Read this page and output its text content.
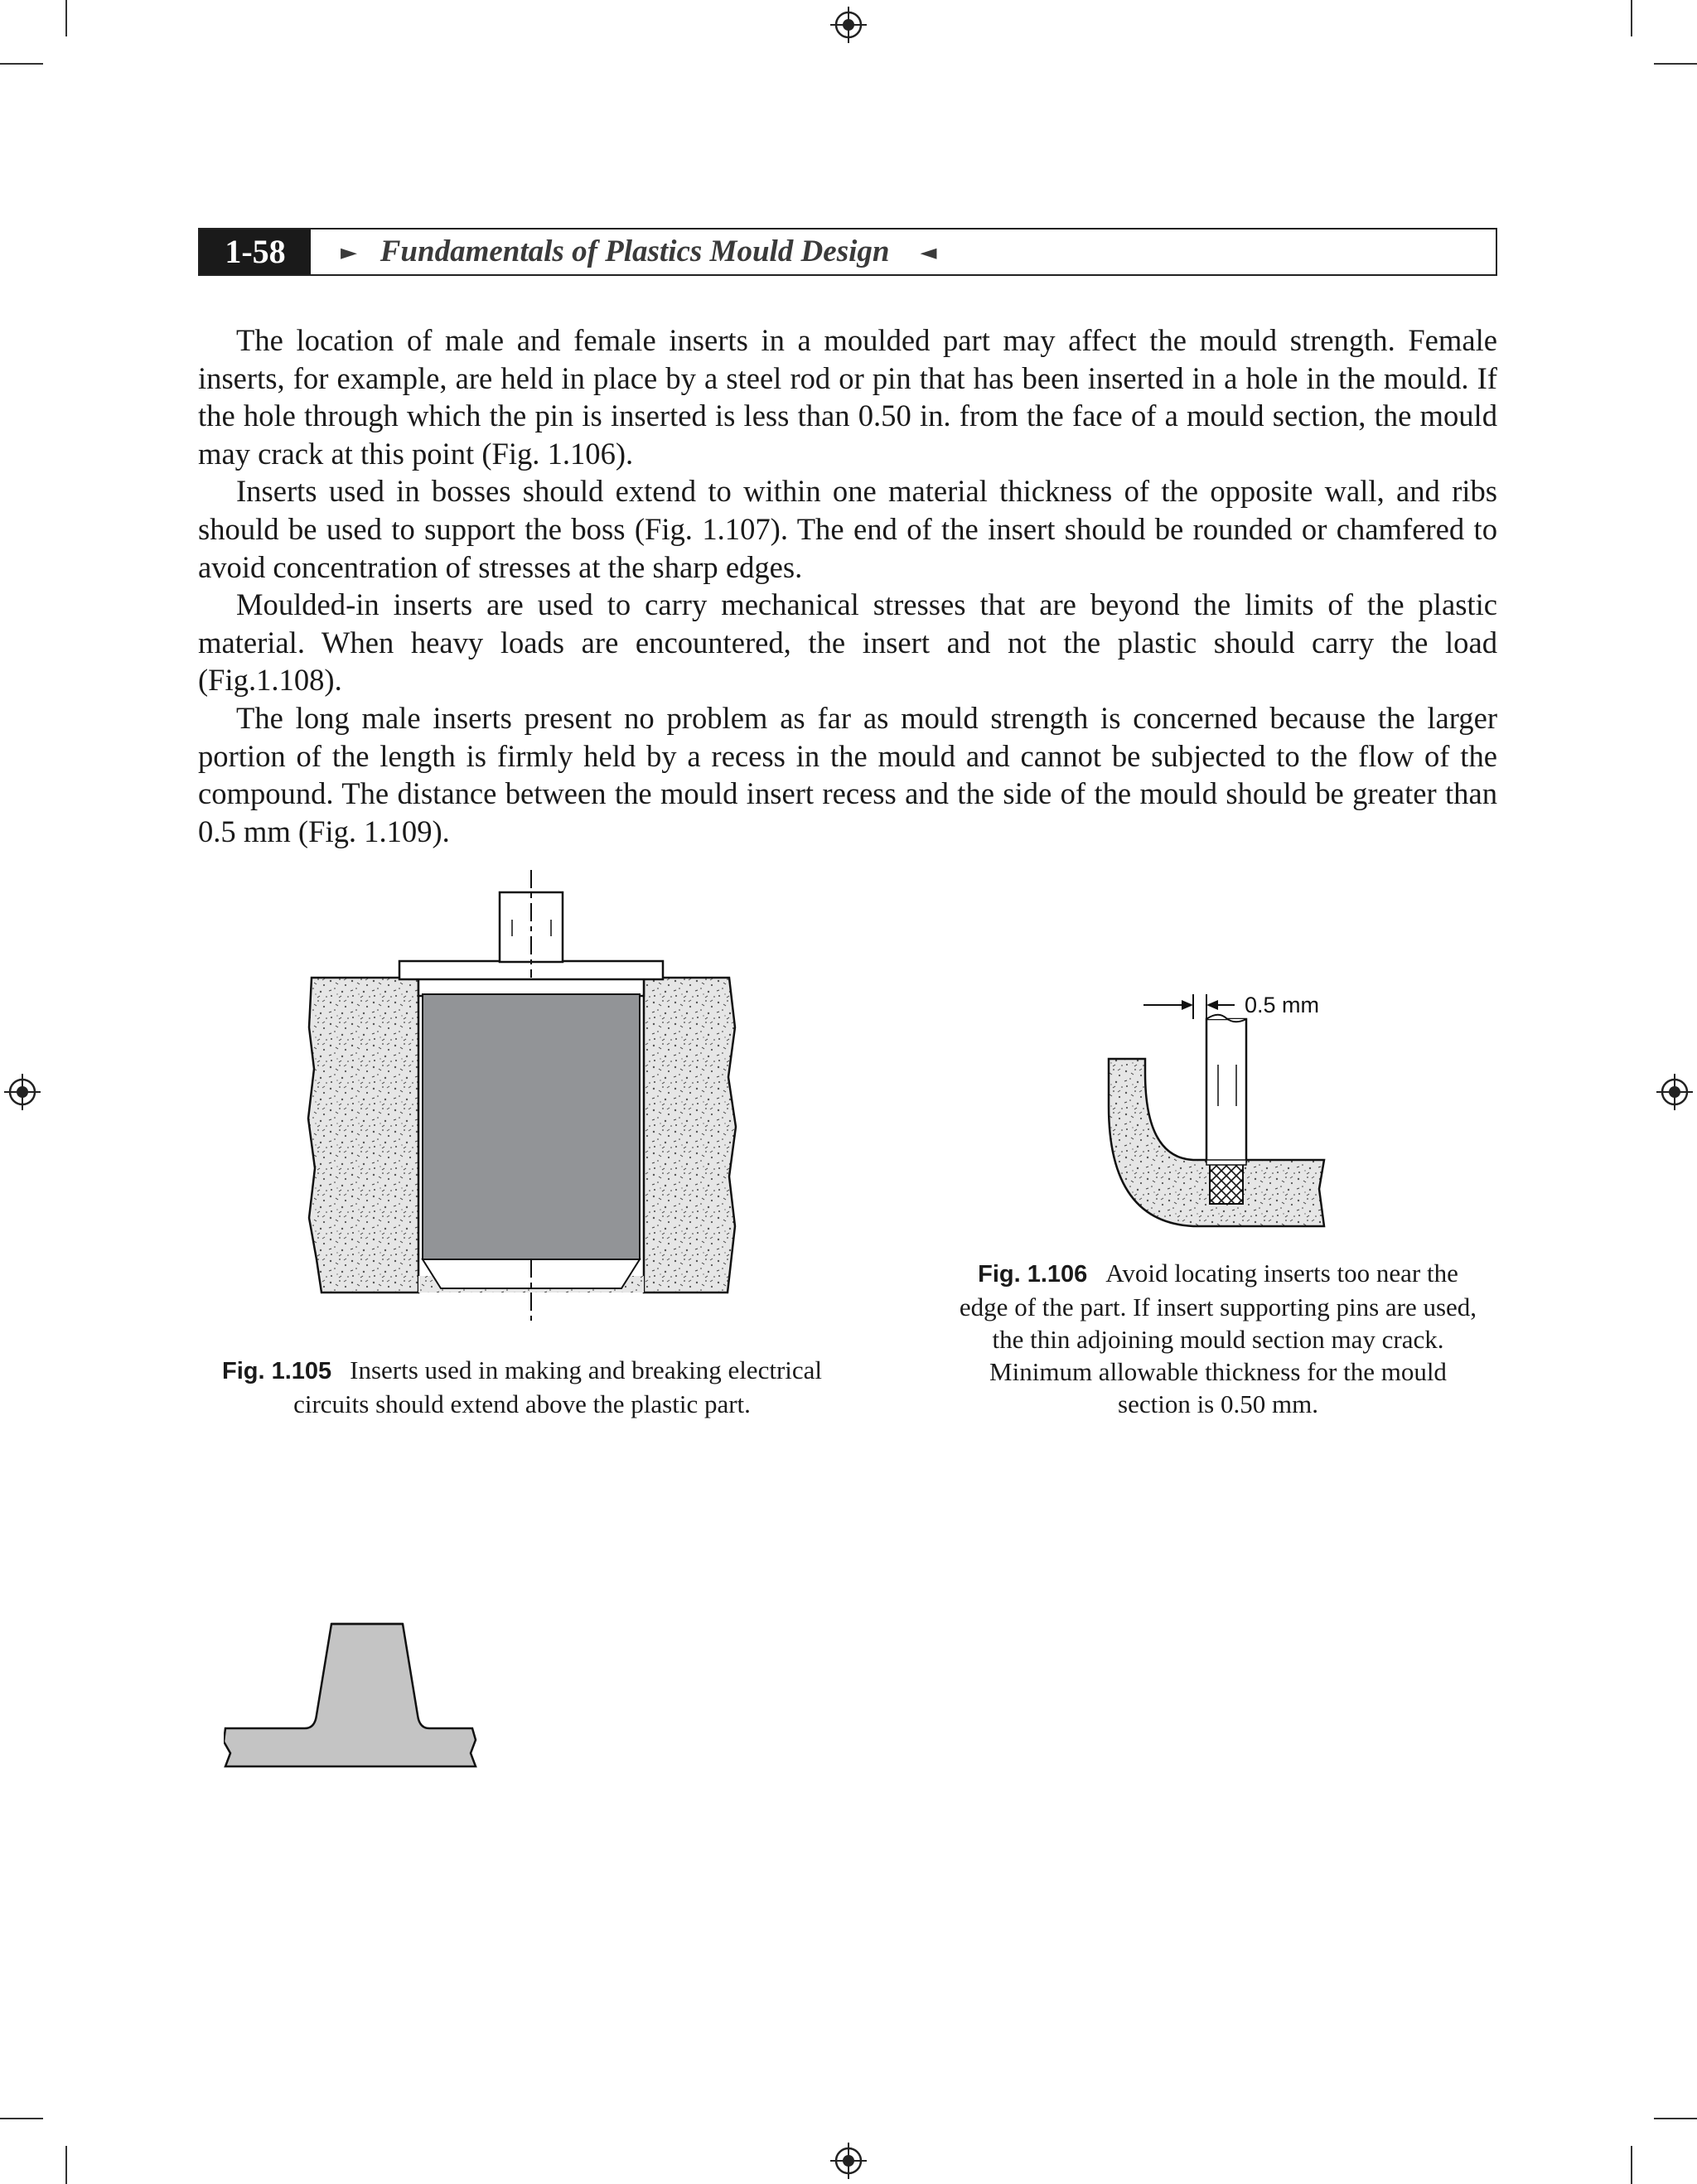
1-58	► Fundamentals of Plastics Mould Design ◄

The location of male and female inserts in a moulded part may affect the mould strength. Female inserts, for example, are held in place by a steel rod or pin that has been inserted in a hole in the mould. If the hole through which the pin is inserted is less than 0.50 in. from the face of a mould section, the mould may crack at this point (Fig. 1.106).

Inserts used in bosses should extend to within one material thickness of the opposite wall, and ribs should be used to support the boss (Fig. 1.107). The end of the insert should be rounded or chamfered to avoid concentration of stresses at the sharp edges.

Moulded-in inserts are used to carry mechanical stresses that are beyond the limits of the plastic material. When heavy loads are encountered, the insert and not the plastic should carry the load (Fig.1.108).

The long male inserts present no problem as far as mould strength is concerned because the larger portion of the length is firmly held by a recess in the mould and cannot be subjected to the flow of the compound. The distance between the mould insert recess and the side of the mould should be greater than 0.5 mm (Fig. 1.109).

Fig. 1.105 Inserts used in making and breaking electrical circuits should extend above the plastic part.
0.5 mm
Fig. 1.106 Avoid locating inserts too near the edge of the part. If insert supporting pins are used, the thin adjoining mould section may crack. Minimum allowable thickness for the mould section is 0.50 mm.
